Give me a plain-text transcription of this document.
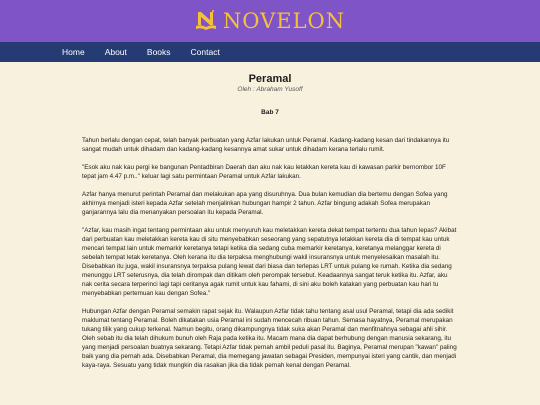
NOVELON
Home About Books Contact
Peramal
Oleh : Abraham Yusoff
Bab 7

Tahun berlalu dengan cepat, telah banyak perbuatan yang Azfar lakukan untuk Peramal. Kadang-kadang kesan dari tindakannya itu sangat mudah untuk dihadam dan kadang-kadang kesannya amat sukar untuk dihadam kerana terlalu rumit.

"Esok aku nak kau pergi ke bangunan Pentadbiran Daerah dan aku nak kau letakkan kereta kau di kawasan parkir bernombor 10F tepat jam 4.47 p.m.." keluar lagi satu permintaan Peramal untuk Azfar lakukan.

Azfar hanya menurut perintah Peramal dan melakukan apa yang disuruhnya. Dua bulan kemudian dia bertemu dengan Sofea yang akhirnya menjadi isteri kepada Azfar setelah menjalinkan hubungan hampir 2 tahun. Azfar bingung adakah Sofea merupakan ganjarannya lalu dia menanyakan persoalan itu kepada Peramal.

"Azfar, kau masih ingat tentang permintaan aku untuk menyuruh kau meletakkan kereta dekat tempat tertentu dua tahun lepas? Akibat dari perbuatan kau meletakkan kereta kau di situ menyebabkan seseorang yang sepatutnya letakkan kereta dia di tempat kau untuk mencari tempat lain untuk memarkir keretanya tetapi ketika dia sedang cuba memarkir keretanya, keretanya melanggar kereta di sebelah tempat letak keretanya. Oleh kerana itu dia terpaksa menghubungi wakil insuransnya untuk menyelesaikan masalah itu. Disebabkan itu juga, wakil insuransnya terpaksa pulang lewat dari biasa dan terlepas LRT untuk pulang ke rumah. Ketika dia sedang menunggu LRT seterusnya, dia telah dirompak dan ditikam oleh perompak tersebut. Keadaannya sangat teruk ketika itu. Azfar, aku nak cerita secara terperinci lagi tapi ceritanya agak rumit untuk kau fahami, di sini aku boleh katakan yang perbuatan kau hari tu menyebabkan pertemuan kau dengan Sofea."

Hubungan Azfar dengan Peramal semakin rapat sejak itu. Walaupun Azfar tidak tahu tentang asal usul Peramal, tetapi dia ada sedikit maklumat tentang Peramal. Boleh dikatakan usia Peramal ini sudah mencecah ribuan tahun. Semasa hayatnya, Peramal merupakan tukang tilik yang cukup terkenal. Namun begitu, orang dikampungnya tidak suka akan Peramal dan menfitnahnya sebagai ahli sihir. Oleh sebab itu dia telah dihukum bunuh oleh Raja pada ketika itu. Macam mana dia dapat berhubung dengan manusia sekarang, itu yang menjadi persoalan buatnya sekarang. Tetapi Azfar tidak pernah ambil peduli pasal itu. Baginya, Peramal merupan "kawan" paling baik yang dia pernah ada. Disebabkan Peramal, dia memegang jawatan sebagai Presiden, mempunyai isteri yang cantik, dan menjadi kaya-raya. Sesuatu yang tidak mungkin dia rasakan jika dia tidak pernah kenal dengan Peramal.
